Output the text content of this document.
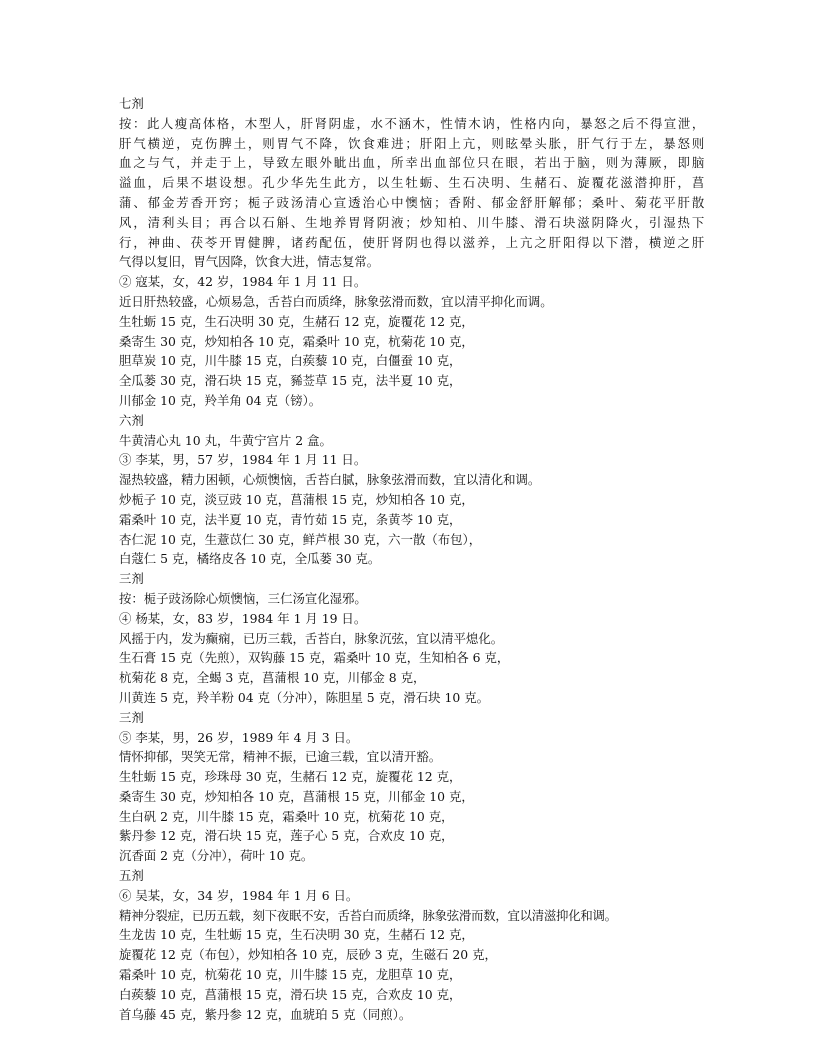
七剂
按：此人瘦高体格，木型人，肝肾阴虚，水不涵木，性情木讷，性格内向，暴怒之后不得宣泄，
肝气横逆，克伤脾土，则胃气不降，饮食难进；肝阳上亢，则眩晕头胀，肝气行于左，暴怒则
血之与气，并走于上，导致左眼外眦出血，所幸出血部位只在眼，若出于脑，则为薄厥，即脑
溢血，后果不堪设想。孔少华先生此方，以生牡蛎、生石决明、生赭石、旋覆花滋潜抑肝，菖
蒲、郁金芳香开窍；栀子豉汤清心宣透治心中懊恼；香附、郁金舒肝解郁；桑叶、菊花平肝散
风，清利头目；再合以石斛、生地养胃肾阴液；炒知柏、川牛膝、滑石块滋阴降火，引湿热下
行，神曲、茯苓开胃健脾，诸药配伍，使肝肾阴也得以滋养，上亢之肝阳得以下潜，横逆之肝
气得以复旧，胃气因降，饮食大进，情志复常。
② 寇某，女，42 岁，1984 年 1 月 11 日。
近日肝热较盛，心烦易急，舌苔白而质绛，脉象弦滑而数，宜以清平抑化而调。
生牡蛎 15 克，生石决明 30 克，生赭石 12 克，旋覆花 12 克，
桑寄生 30 克，炒知柏各 10 克，霜桑叶 10 克，杭菊花 10 克，
胆草炭 10 克，川牛膝 15 克，白蒺藜 10 克，白僵蚕 10 克，
全瓜蒌 30 克，滑石块 15 克，豨莶草 15 克，法半夏 10 克，
川郁金 10 克，羚羊角 04 克（镑）。
六剂
牛黄清心丸 10 丸，牛黄宁宫片 2 盒。
③ 李某，男，57 岁，1984 年 1 月 11 日。
湿热较盛，精力困顿，心烦懊恼，舌苔白腻，脉象弦滑而数，宜以清化和调。
炒栀子 10 克，淡豆豉 10 克，菖蒲根 15 克，炒知柏各 10 克，
霜桑叶 10 克，法半夏 10 克，青竹茹 15 克，条黄芩 10 克，
杏仁泥 10 克，生薏苡仁 30 克，鲜芦根 30 克，六一散（布包），
白蔻仁 5 克，橘络皮各 10 克，全瓜蒌 30 克。
三剂
按：栀子豉汤除心烦懊恼，三仁汤宣化湿邪。
④ 杨某，女，83 岁，1984 年 1 月 19 日。
风摇于内，发为癫痫，已历三载，舌苔白，脉象沉弦，宜以清平熄化。
生石膏 15 克（先煎），双钩藤 15 克，霜桑叶 10 克，生知柏各 6 克，
杭菊花 8 克，全蝎 3 克，菖蒲根 10 克，川郁金 8 克，
川黄连 5 克，羚羊粉 04 克（分冲），陈胆星 5 克，滑石块 10 克。
三剂
⑤ 李某，男，26 岁，1989 年 4 月 3 日。
情怀抑郁，哭笑无常，精神不振，已逾三载，宜以清开豁。
生牡蛎 15 克，珍珠母 30 克，生赭石 12 克，旋覆花 12 克，
桑寄生 30 克，炒知柏各 10 克，菖蒲根 15 克，川郁金 10 克，
生白矾 2 克，川牛膝 15 克，霜桑叶 10 克，杭菊花 10 克，
紫丹参 12 克，滑石块 15 克，莲子心 5 克，合欢皮 10 克，
沉香面 2 克（分冲），荷叶 10 克。
五剂
⑥ 吴某，女，34 岁，1984 年 1 月 6 日。
精神分裂症，已历五载，刻下夜眠不安，舌苔白而质绛，脉象弦滑而数，宜以清滋抑化和调。
生龙齿 10 克，生牡蛎 15 克，生石决明 30 克，生赭石 12 克，
旋覆花 12 克（布包），炒知柏各 10 克，辰砂 3 克，生磁石 20 克，
霜桑叶 10 克，杭菊花 10 克，川牛膝 15 克，龙胆草 10 克，
白蒺藜 10 克，菖蒲根 15 克，滑石块 15 克，合欢皮 10 克，
首乌藤 45 克，紫丹参 12 克，血琥珀 5 克（同煎）。
